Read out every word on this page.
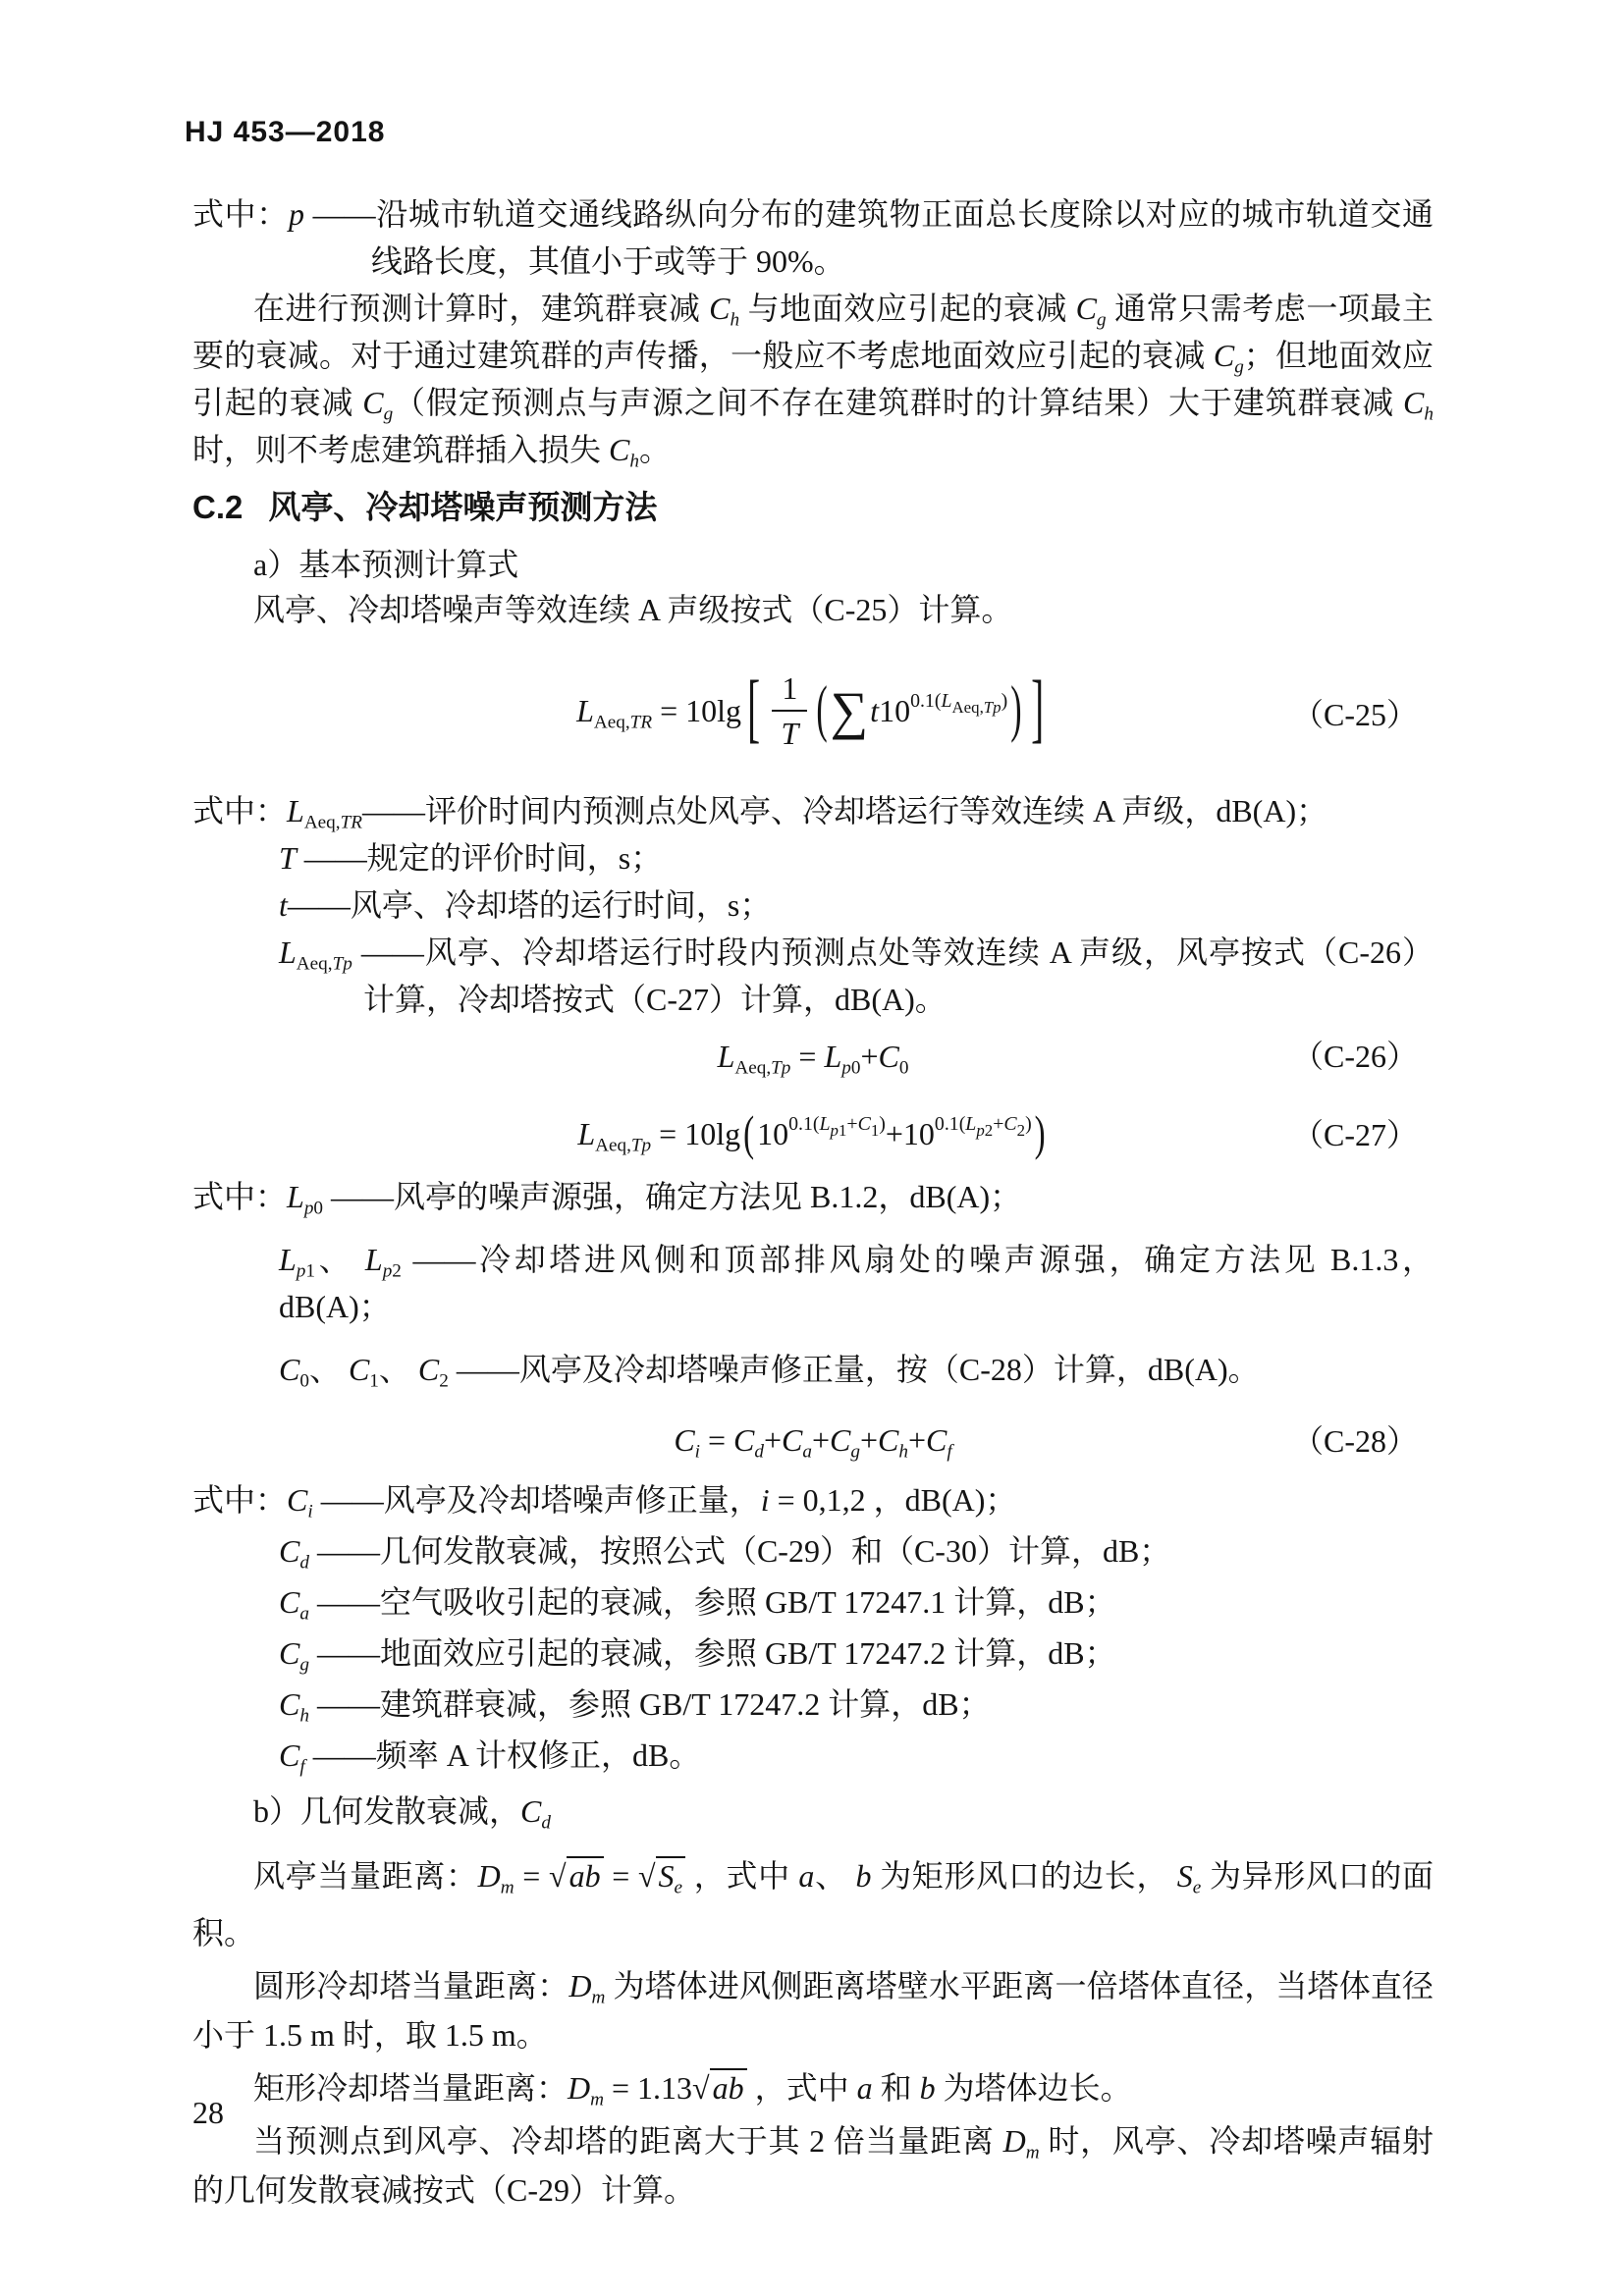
HJ 453—2018
式中：p ——沿城市轨道交通线路纵向分布的建筑物正面总长度除以对应的城市轨道交通线路长度，其值小于或等于 90%。

在进行预测计算时，建筑群衰减 $C_h$ 与地面效应引起的衰减 $C_g$ 通常只需考虑一项最主要的衰减。对于通过建筑群的声传播，一般应不考虑地面效应引起的衰减 $C_g$；但地面效应引起的衰减 $C_g$（假定预测点与声源之间不存在建筑群时的计算结果）大于建筑群衰减 $C_h$ 时，则不考虑建筑群插入损失 $C_h$。

C.2 风亭、冷却塔噪声预测方法
a）基本预测计算式
风亭、冷却塔噪声等效连续 A 声级按式（C-25）计算。
$L_{Aeq,TR} = 10\lg$ [ $\frac{1}{T} (\sum t10^{0.1(L_{Aeq,Tp})})$ ]	（C-25）
式中：$L_{Aeq,TR}——$评价时间内预测点处风亭、冷却塔运行等效连续 A 声级，dB(A)；
T ——规定的评价时间，s；
t——风亭、冷却塔的运行时间，s；
$L_{Aeq,Tp}$ ——风亭、冷却塔运行时段内预测点处等效连续 A 声级，风亭按式（C-26）计算，冷却塔按式（C-27）计算，dB(A)。
$L_{Aeq,Tp} = L_{p0}+C_0$	（C-26）
$L_{Aeq,Tp} = 10\lg(10^{0.1(L_{p1}+C_1)}+10^{0.1(L_{p2}+C_2)})$	（C-27）
式中：$L_{p0}$ ——风亭的噪声源强，确定方法见 B.1.2，dB(A)；
$L_{p1}$、 $L_{p2}$ ——冷却塔进风侧和顶部排风扇处的噪声源强，确定方法见 B.1.3，dB(A)；
$C_0$、 $C_1$、 $C_2$ ——风亭及冷却塔噪声修正量，按（C-28）计算，dB(A)。
$C_i = C_d+C_a+C_g+C_h+C_f$	（C-28）
式中：$C_i$ ——风亭及冷却塔噪声修正量，i = 0,1,2 ，dB(A)；
$C_d$ ——几何发散衰减，按照公式（C-29）和（C-30）计算，dB；
$C_a$ ——空气吸收引起的衰减，参照 GB/T 17247.1 计算，dB；
$C_g$ ——地面效应引起的衰减，参照 GB/T 17247.2 计算，dB；
$C_h$ ——建筑群衰减，参照 GB/T 17247.2 计算，dB；
$C_f$ ——频率 A 计权修正，dB。
b）几何发散衰减，$C_d$

风亭当量距离：$D_m = √ab = √S_e$ ，式中 a、 b 为矩形风口的边长， $S_e$ 为异形风口的面积。

圆形冷却塔当量距离：$D_m$ 为塔体进风侧距离塔壁水平距离一倍塔体直径，当塔体直径小于 1.5 m 时，取 1.5 m。

矩形冷却塔当量距离：$D_m = 1.13√ab$ ，式中 a 和 b 为塔体边长。

当预测点到风亭、冷却塔的距离大于其 2 倍当量距离 $D_m$ 时，风亭、冷却塔噪声辐射的几何发散衰减按式（C-29）计算。

28
